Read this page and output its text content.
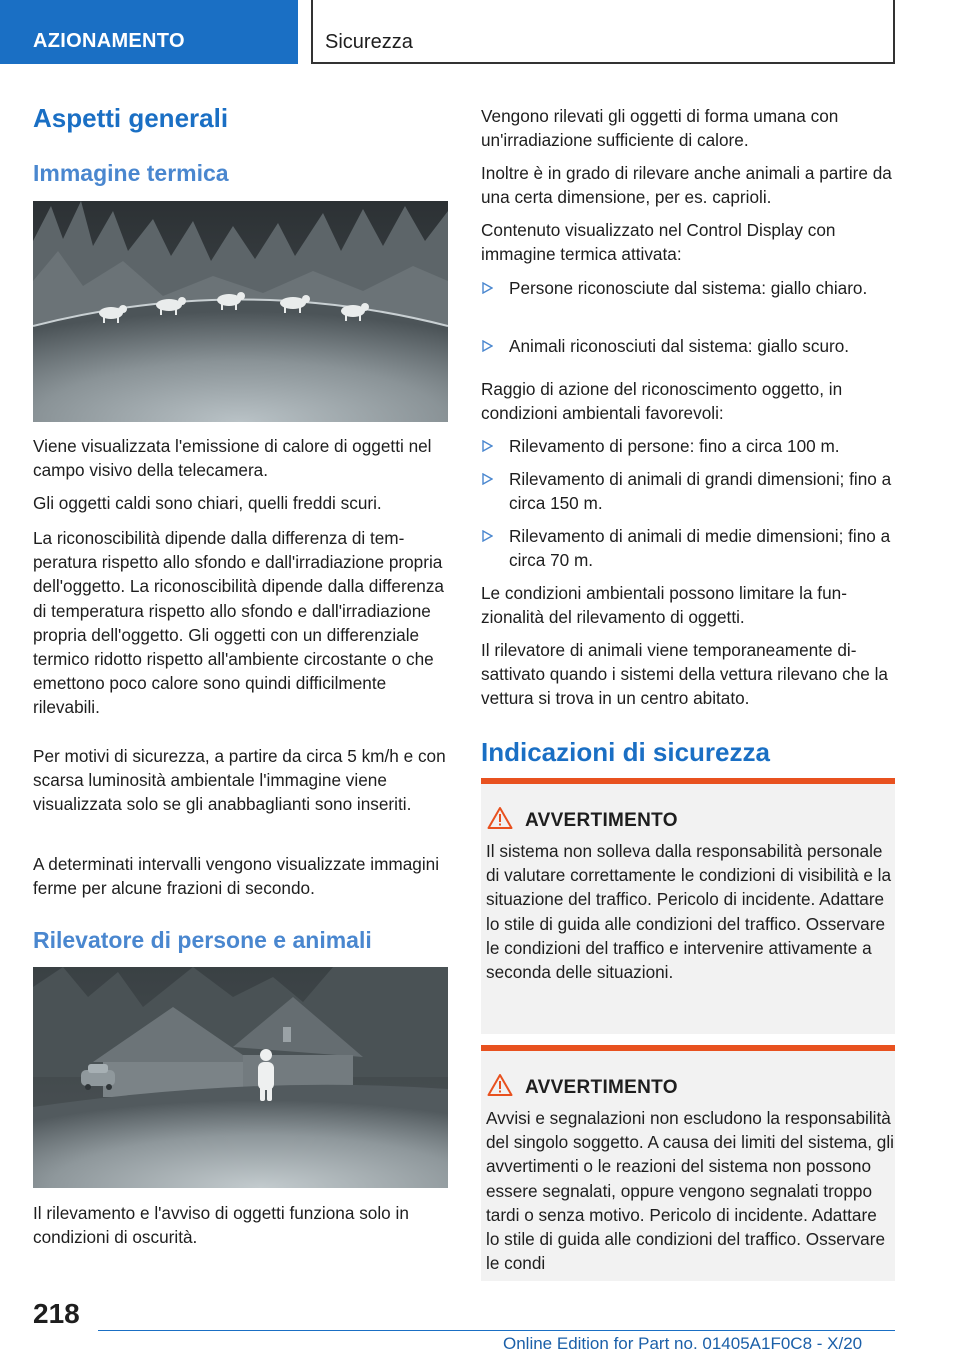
AZIONAMENTO	Sicurezza
Aspetti generali
Immagine termica

Viene visualizzata l'emissione di calore di oggetti nel campo visivo della telecamera.

Gli oggetti caldi sono chiari, quelli freddi scuri.

La riconoscibilità dipende dalla differenza di temperatura rispetto allo sfondo e dall'irradiazione propria dell'oggetto. La riconoscibilità dipende dalla differenza di temperatura rispetto allo sfondo e dall'irradiazione propria dell'oggetto. Gli oggetti con un differenziale termico ridotto rispetto all'ambiente circostante o che emettono poco calore sono quindi difficilmente rilevabili.

Per motivi di sicurezza, a partire da circa 5 km/h e con scarsa luminosità ambientale l'immagine viene visualizzata solo se gli anabbaglianti sono inseriti.

A determinati intervalli vengono visualizzate immagini ferme per alcune frazioni di secondo.

Rilevatore di persone e animali

Il rilevamento e l'avviso di oggetti funziona solo in condizioni di oscurità.

Vengono rilevati gli oggetti di forma umana con un'irradiazione sufficiente di calore.

Inoltre è in grado di rilevare anche animali a partire da una certa dimensione, per es. caprioli.

Contenuto visualizzato nel Control Display con immagine termica attivata:

Persone riconosciute dal sistema: giallo chiaro.
Animali riconosciuti dal sistema: giallo scuro.

Raggio di azione del riconoscimento oggetto, in condizioni ambientali favorevoli:

Rilevamento di persone: fino a circa 100 m.
Rilevamento di animali di grandi dimensioni; fino a circa 150 m.
Rilevamento di animali di medie dimensioni; fino a circa 70 m.

Le condizioni ambientali possono limitare la funzionalità del rilevamento di oggetti.

Il rilevatore di animali viene temporaneamente disattivato quando i sistemi della vettura rilevano che la vettura si trova in un centro abitato.

Indicazioni di sicurezza
AVVERTIMENTO

Il sistema non solleva dalla responsabilità personale di valutare correttamente le condizioni di visibilità e la situazione del traffico. Pericolo di incidente. Adattare lo stile di guida alle condizioni del traffico. Osservare le condizioni del traffico e intervenire attivamente a seconda delle situazioni.

AVVERTIMENTO

Avvisi e segnalazioni non escludono la responsabilità del singolo soggetto. A causa dei limiti del sistema, gli avvertimenti o le reazioni del sistema non possono essere segnalati, oppure vengono segnalati troppo tardi o senza motivo. Pericolo di incidente. Adattare lo stile di guida alle condizioni del traffico. Osservare le condi

218
Online Edition for Part no. 01405A1F0C8 - X/20
